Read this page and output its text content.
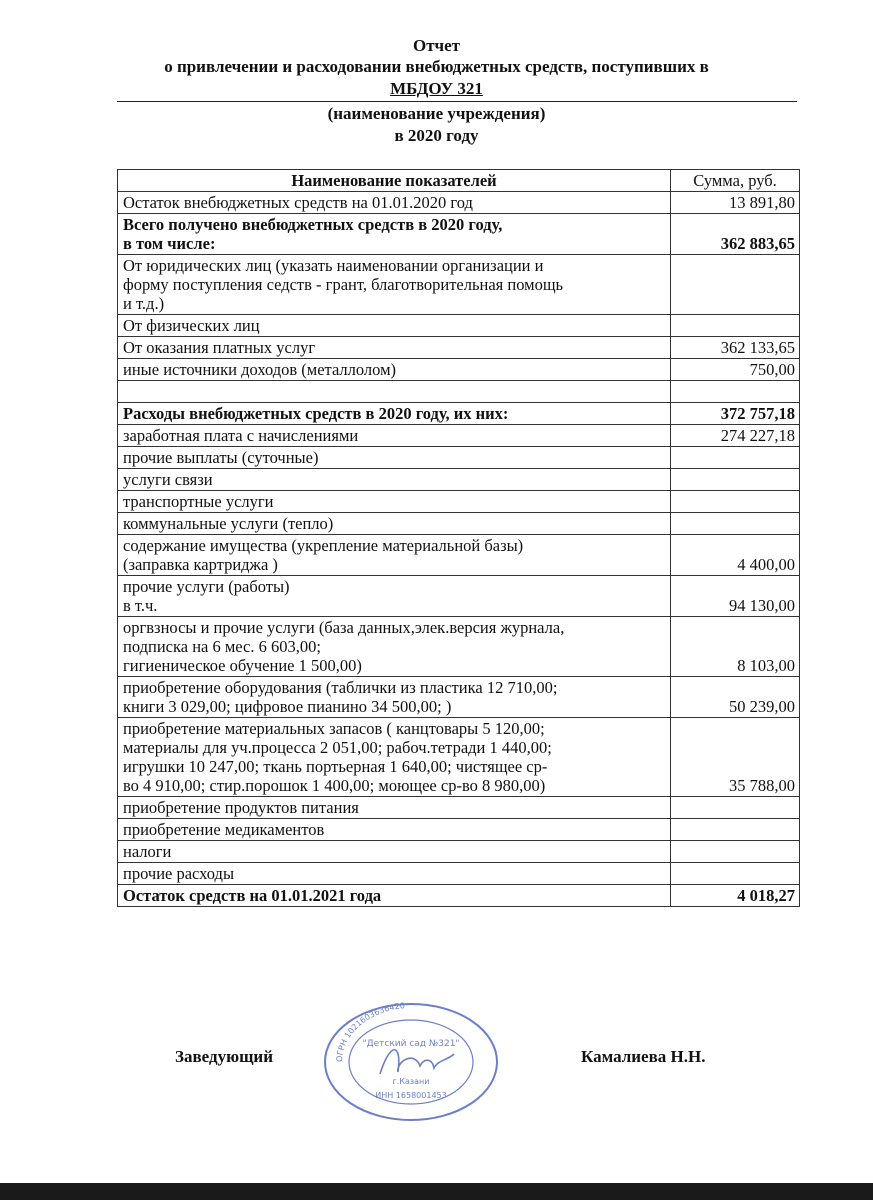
Отчет
о привлечении и расходовании внебюджетных средств, поступивших в
МБДОУ 321
(наименование учреждения)
в 2020 году
Наименование показателей	Сумма, руб.

Остаток внебюджетных средств на 01.01.2020 год	13 891,80

Всего получено внебюджетных средств в 2020 году,
в том числе:	362 883,65

От юридических лиц (указать наименовании организации и
форму поступления седств - грант, благотворительная помощь
и т.д.)	

От физических лиц	

От оказания платных услуг	362 133,65

иные источники доходов (металлолом)	750,00

Расходы внебюджетных средств в 2020 году, их них:	372 757,18

заработная плата с начислениями	274 227,18

прочие выплаты (суточные)	

услуги связи	

транспортные услуги	

коммунальные услуги (тепло)	

содержание имущества (укрепление материальной базы)
(заправка картриджа )	4 400,00

прочие услуги (работы)
в т.ч.	94 130,00

оргвзносы и прочие услуги (база данных,элек.версия журнала,
подписка на 6 мес. 6 603,00;
гигиеническое обучение 1 500,00)	8 103,00

приобретение оборудования (таблички из пластика 12 710,00;
книги 3 029,00; цифровое пианино 34 500,00; )	50 239,00

приобретение материальных запасов ( канцтовары 5 120,00;
материалы для уч.процесса 2 051,00; рабоч.тетради 1 440,00;
игрушки 10 247,00; ткань портьерная 1 640,00; чистящее ср-
во 4 910,00; стир.порошок 1 400,00; моющее ср-во 8 980,00)	35 788,00

приобретение продуктов питания	

приобретение медикаментов	

налоги	

прочие расходы	

Остаток средств на 01.01.2021 года	4 018,27
Заведующий	Камалиева Н.Н.
ОГРН 1021603636420
"Детский сад №321"
г.Казани
ИНН 1658001453
